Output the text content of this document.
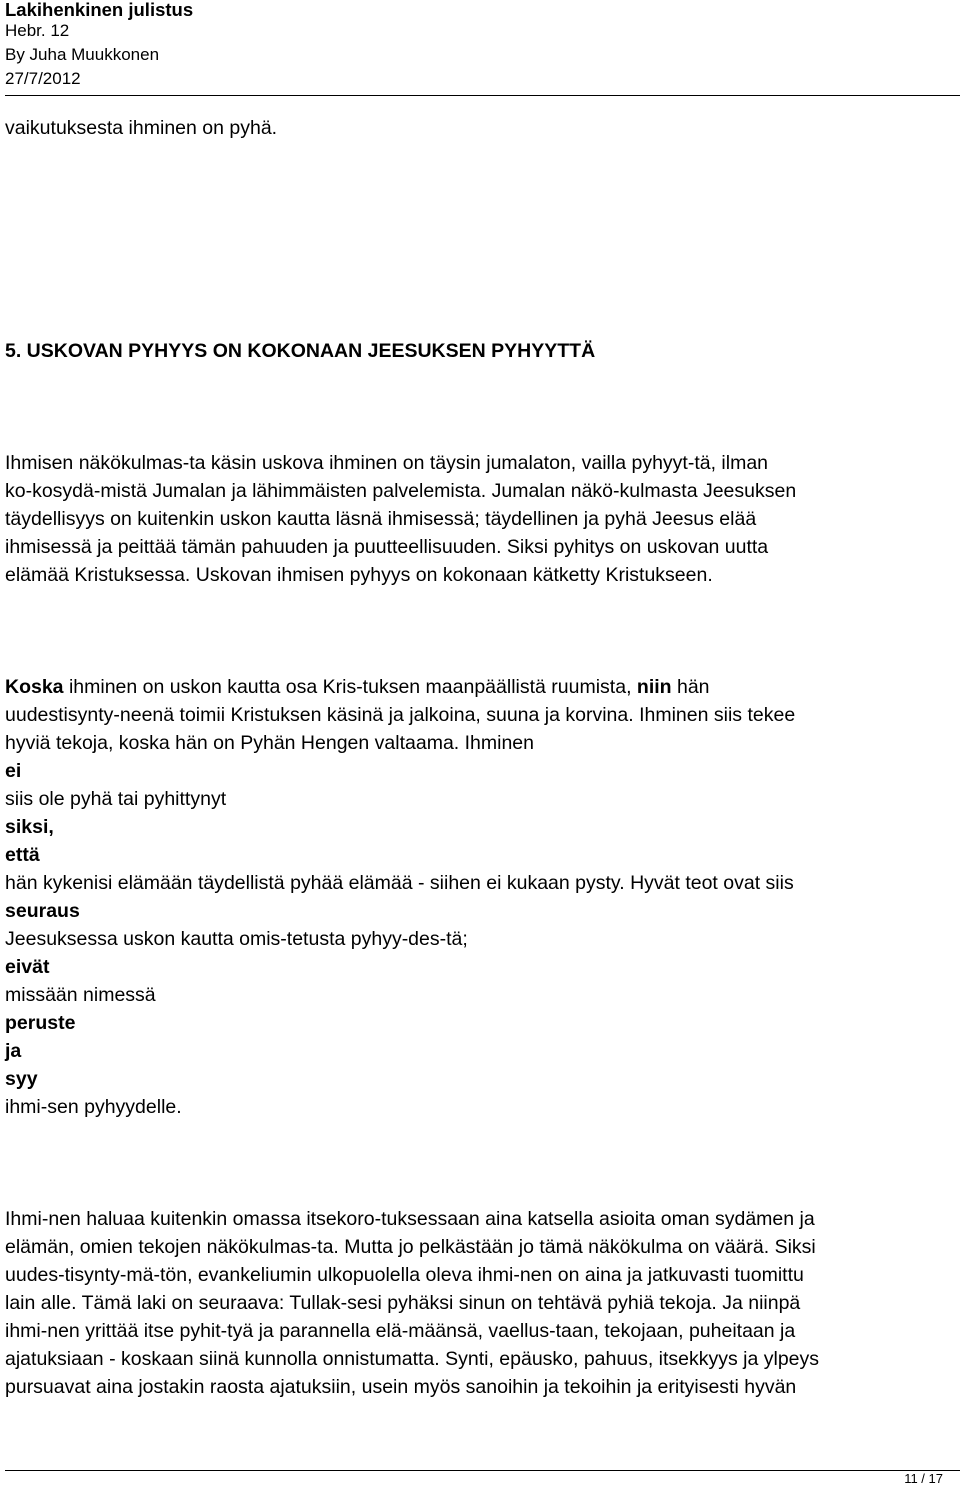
Lakihenkinen julistus
Hebr. 12
By Juha Muukkonen
27/7/2012
vaikutuksesta ihminen on pyhä.
5. USKOVAN PYHYYS ON KOKONAAN JEESUKSEN PYHYYTTÄ
Ihmisen näkökulmas-ta käsin uskova ihminen on täysin jumalaton, vailla pyhyyt-tä, ilman
ko-kosydä-mistä Jumalan ja lähimmäisten palvelemista. Jumalan näkö-kulmasta Jeesuksen
täydellisyys on kuitenkin uskon kautta läsnä ihmisessä; täydellinen ja pyhä Jeesus elää
ihmisessä ja peittää tämän pahuuden ja puutteellisuuden. Siksi pyhitys on uskovan uutta
elämää Kristuksessa. Uskovan ihmisen pyhyys on kokonaan kätketty Kristukseen.
Koska ihminen on uskon kautta osa Kris-tuksen maanpäällistä ruumista, niin hän
uudestisynty-neenä toimii Kristuksen käsinä ja jalkoina, suuna ja korvina. Ihminen siis tekee
hyviä tekoja, koska hän on Pyhän Hengen valtaama. Ihminen
ei
siis ole pyhä tai pyhittynyt
siksi,
että
hän kykenisi elämään täydellistä pyhää elämää - siihen ei kukaan pysty. Hyvät teot ovat siis
seuraus
Jeesuksessa uskon kautta omis-tetusta pyhyy-des-tä;
eivät
missään nimessä
peruste
ja
syy
ihmi-sen pyhyydelle.
Ihmi-nen haluaa kuitenkin omassa itsekoro-tuksessaan aina katsella asioita oman sydämen ja
elämän, omien tekojen näkökulmas-ta. Mutta jo pelkästään jo tämä näkökulma on väärä. Siksi
uudes-tisynty-mä-tön, evankeliumin ulkopuolella oleva ihmi-nen on aina ja jatkuvasti tuomittu
lain alle. Tämä laki on seuraava: Tullak-sesi pyhäksi sinun on tehtävä pyhiä tekoja. Ja niinpä
ihmi-nen yrittää itse pyhit-tyä ja parannella elä-määnsä, vaellus-taan, tekojaan, puheitaan ja
ajatuksiaan - koskaan siinä kunnolla onnistumatta. Synti, epäusko, pahuus, itsekkyys ja ylpeys
pursuavat aina jostakin raosta ajatuksiin, usein myös sanoihin ja tekoihin ja erityisesti hyvän
11 / 17
